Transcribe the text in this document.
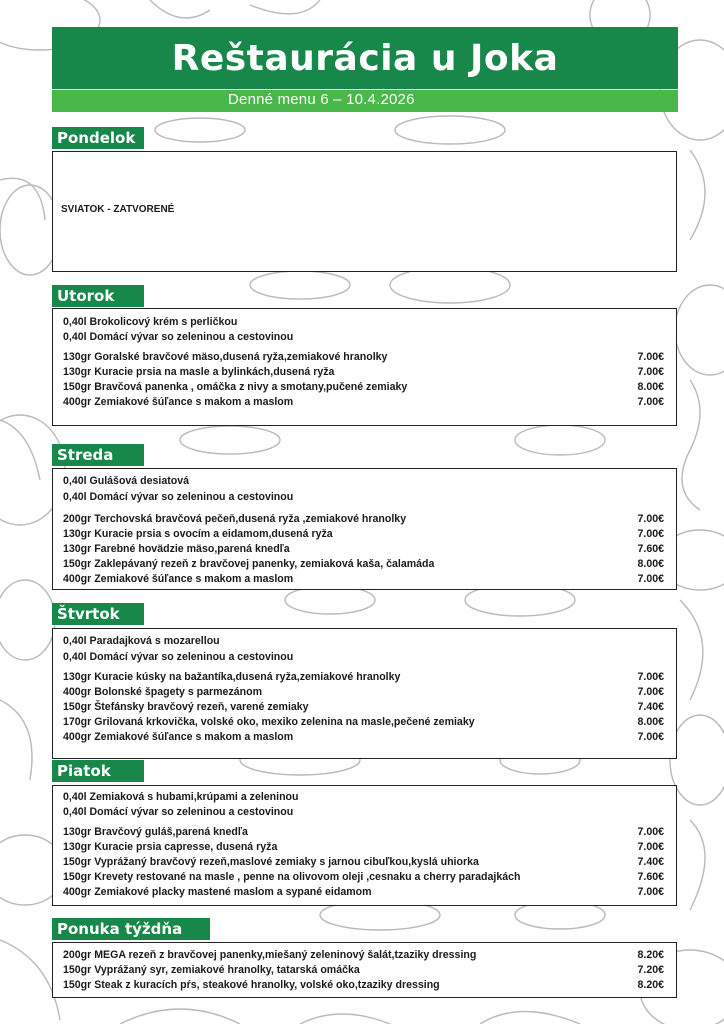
Reštaurácia u Joka
Denné menu 6 – 10.4.2026
Pondelok
SVIATOK - ZATVORENÉ
Utorok
0,40l Brokolicový krém s perličkou
0,40l Domácí vývar so zeleninou a cestovinou
130gr Goralské bravčové mäso,dusená ryža,zemiakové hranolky	7.00€
130gr Kuracie prsia na masle a bylinkách,dusená ryža	7.00€
150gr Bravčová panenka , omáčka z nivy a smotany,pučené zemiaky	8.00€
400gr Zemiakové šúľance s makom a maslom	7.00€
Streda
0,40l Gulášová desiatová
0,40l Domácí vývar so zeleninou a cestovinou
200gr Terchovská bravčová pečeň,dusená ryža ,zemiakové hranolky	7.00€
130gr Kuracie prsia s ovocím a eidamom,dusená ryža	7.00€
130gr Farebné hovädzie mäso,parená knedľa	7.60€
150gr Zaklepávaný rezeň z bravčovej panenky, zemiaková kaša, čalamáda	8.00€
400gr Zemiakové šúľance s makom a maslom	7.00€
Štvrtok
0,40l Paradajková s mozarellou
0,40l Domácí vývar so zeleninou a cestovinou
130gr Kuracie kúsky na bažantíka,dusená ryža,zemiakové hranolky	7.00€
400gr Bolonské špagety s parmezánom	7.00€
150gr Štefánsky bravčový rezeň, varené zemiaky	7.40€
170gr Grilovaná krkovička, volské oko, mexiko zelenina na masle,pečené zemiaky	8.00€
400gr Zemiakové šúľance s makom a maslom	7.00€
Piatok
0,40l Zemiaková s hubami,krúpami a zeleninou
0,40l Domácí vývar so zeleninou a cestovinou
130gr Bravčový guláš,parená knedľa	7.00€
130gr Kuracie prsia capresse, dusená ryža	7.00€
150gr Vyprážaný bravčový rezeň,maslové zemiaky s jarnou cibuľkou,kyslá uhiorka	7.40€
150gr Krevety restované na masle , penne na olivovom oleji ,cesnaku a cherry paradajkách	7.60€
400gr Zemiakové placky mastené maslom a sypané eidamom	7.00€
Ponuka týždňa
200gr MEGA rezeň z bravčovej panenky,miešaný zeleninový šalát,tzaziky dressing	8.20€
150gr Vyprážaný syr, zemiakové hranolky, tatarská omáčka	7.20€
150gr Steak z kuracích pŕs, steakové hranolky, volské oko,tzaziky dressing	8.20€
